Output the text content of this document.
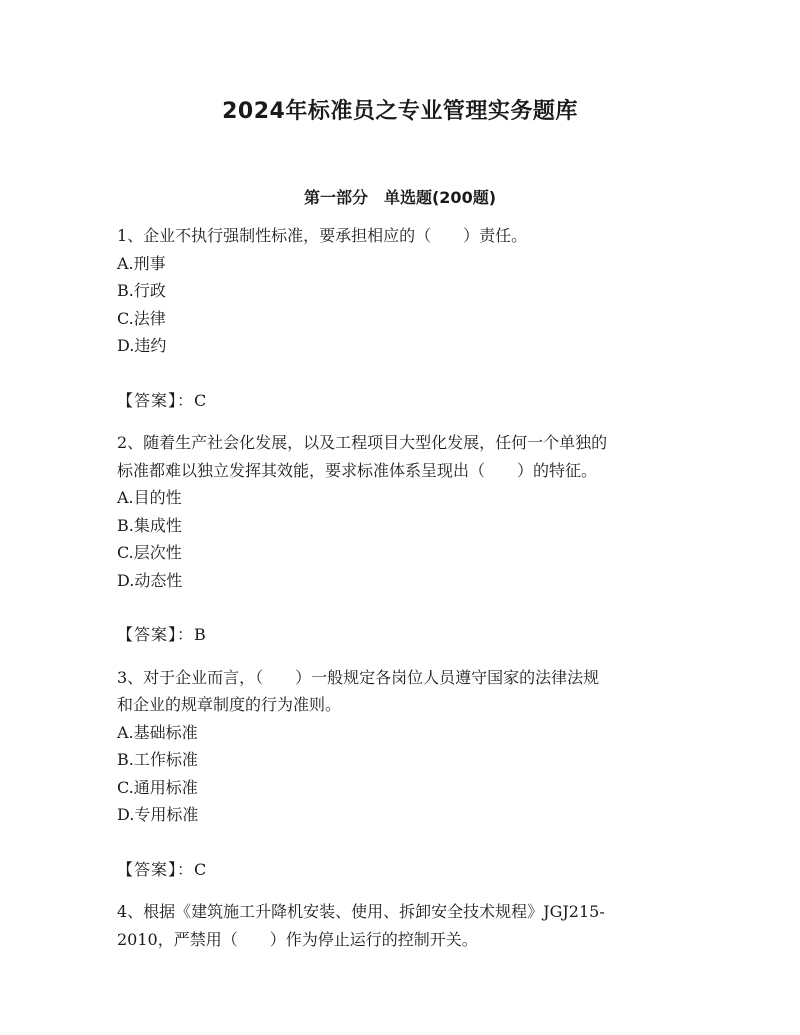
2024年标准员之专业管理实务题库
第一部分　单选题(200题)
1、企业不执行强制性标准，要承担相应的（　　）责任。
A.刑事
B.行政
C.法律
D.违约
【答案】：C
2、随着生产社会化发展，以及工程项目大型化发展，任何一个单独的
标准都难以独立发挥其效能，要求标准体系呈现出（　　）的特征。
A.目的性
B.集成性
C.层次性
D.动态性
【答案】：B
3、对于企业而言，（　　）一般规定各岗位人员遵守国家的法律法规
和企业的规章制度的行为准则。
A.基础标准
B.工作标准
C.通用标准
D.专用标准
【答案】：C
4、根据《建筑施工升降机安装、使用、拆卸安全技术规程》JGJ215-
2010，严禁用（　　）作为停止运行的控制开关。
